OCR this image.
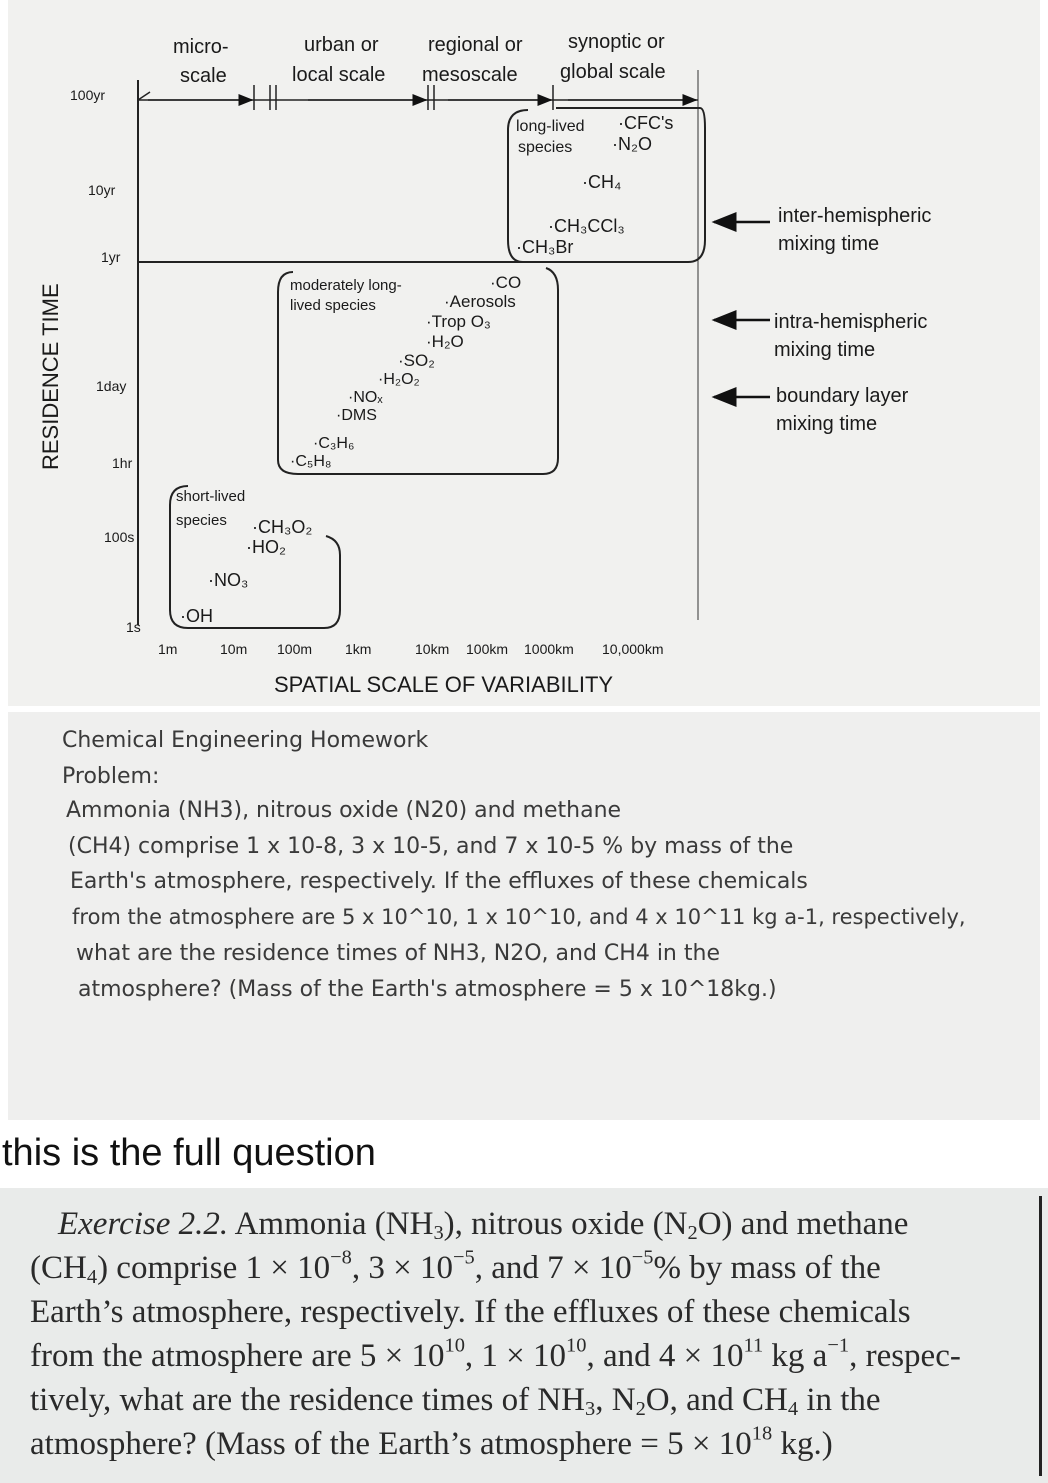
micro-
scale
urban or
local scale
regional or
mesoscale
synoptic or
global scale
RESIDENCE TIME
100yr
10yr
1yr
1day
1hr
100s
1s
1m	10m 100m 1km	10km 100km 1000km 10,000km
SPATIAL SCALE OF VARIABILITY
long-lived
species
·CFC's
·N₂O
·CH₄
·CH₃CCl₃
·CH₃Br
moderately long-
lived species
·CO
·Aerosols
·Trop O₃
·H₂O
·SO₂
·H₂O₂
·NOₓ
·DMS
·C₃H₆
·C₅H₈
short-lived
species ·CH₃O₂
·HO₂
·NO₃
·OH
inter-hemispheric
mixing time
intra-hemispheric
mixing time
boundary layer
mixing time
Chemical Engineering Homework
Problem:
Ammonia (NH3), nitrous oxide (N20) and methane
(CH4) comprise 1 x 10-8, 3 x 10-5, and 7 x 10-5 % by mass of the
Earth's atmosphere, respectively. If the effluxes of these chemicals
from the atmosphere are 5 x 10^10, 1 x 10^10, and 4 x 10^11 kg a-1, respectively,
what are the residence times of NH3, N2O, and CH4 in the
atmosphere? (Mass of the Earth's atmosphere = 5 x 10^18kg.)
this is the full question
Exercise 2.2. Ammonia $(NH_3)$, nitrous oxide $(N_2O)$ and methane
$(CH_4)$ comprise $1 \times 10^{-8}$, $3 \times 10^{-5}$, and $7 \times 10^{-5}\%$ by mass of the
Earth’s atmosphere, respectively. If the effluxes of these chemicals
from the atmosphere are $5 \times 10^{10}$, $1 \times 10^{10}$, and $4 \times 10^{11}$ kg $a^{-1}$, respec-
tively, what are the residence times of $NH_3$, $N_2O$, and $CH_4$ in the
atmosphere? (Mass of the Earth’s atmosphere = $5 \times 10^{18}$ kg.)
